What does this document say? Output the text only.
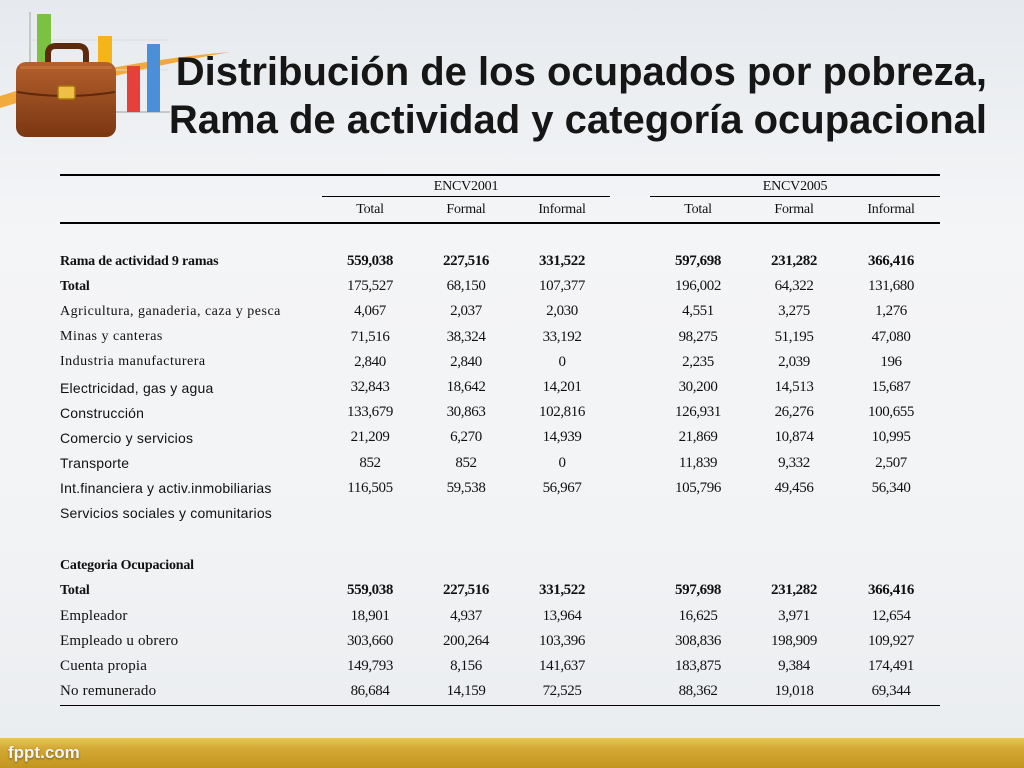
Distribución de los ocupados por pobreza,
Rama de actividad y categoría ocupacional
	ENCV2001				ENCV2005		
	Total	Formal	Informal		Total	Formal	Informal

Rama de actividad 9 ramas	559,038	227,516	331,522		597,698	231,282	366,416
Total	175,527	68,150	107,377		196,002	64,322	131,680
Agricultura, ganaderia, caza y pesca	4,067	2,037	2,030		4,551	3,275	1,276
Minas y canteras	71,516	38,324	33,192		98,275	51,195	47,080
Industria manufacturera	2,840	2,840	0		2,235	2,039	196
Electricidad, gas y agua	32,843	18,642	14,201		30,200	14,513	15,687
Construcción	133,679	30,863	102,816		126,931	26,276	100,655
Comercio y servicios	21,209	6,270	14,939		21,869	10,874	10,995
Transporte	852	852	0		11,839	9,332	2,507
Int.financiera y activ.inmobiliarias	116,505	59,538	56,967		105,796	49,456	56,340
Servicios sociales y comunitarios							

Categoria Ocupacional							
Total	559,038	227,516	331,522		597,698	231,282	366,416
Empleador	18,901	4,937	13,964		16,625	3,971	12,654
Empleado u obrero	303,660	200,264	103,396		308,836	198,909	109,927
Cuenta propia	149,793	8,156	141,637		183,875	9,384	174,491
No remunerado	86,684	14,159	72,525		88,362	19,018	69,344
fppt.com
